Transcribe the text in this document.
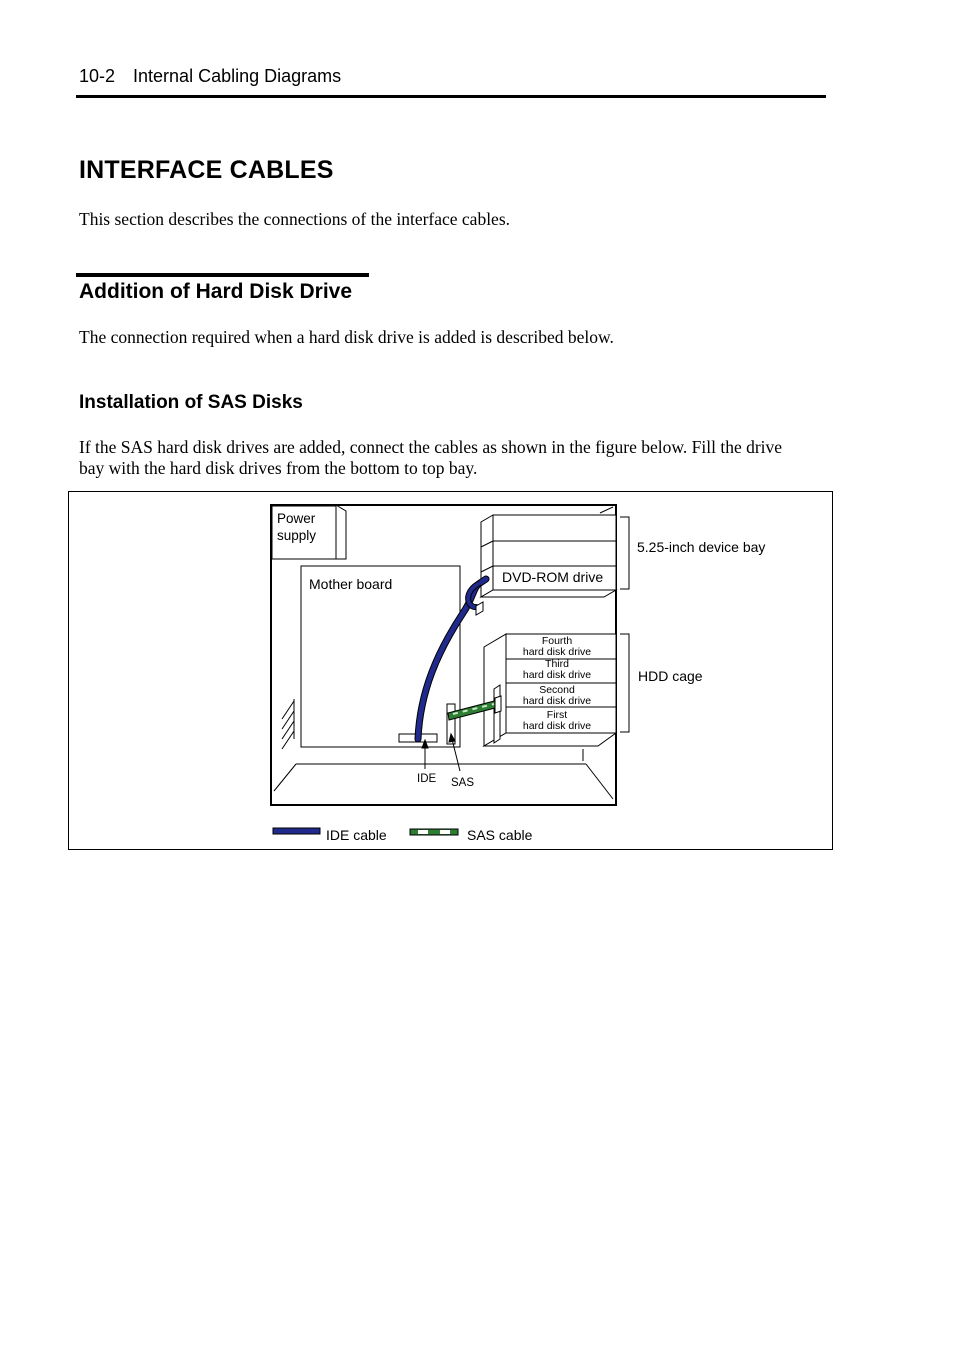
10-2 Internal Cabling Diagrams
INTERFACE CABLES
This section describes the connections of the interface cables.
Addition of Hard Disk Drive
The connection required when a hard disk drive is added is described below.
Installation of SAS Disks
If the SAS hard disk drives are added, connect the cables as shown in the figure below. Fill the drive
bay with the hard disk drives from the bottom to top bay.
Power
supply
Mother board	DVD-ROM drive
Fourth
hard disk drive
Third
hard disk drive
Second
hard disk drive
First
hard disk drive
IDE SAS
5.25-inch device bay
HDD cage
IDE cable	SAS cable
